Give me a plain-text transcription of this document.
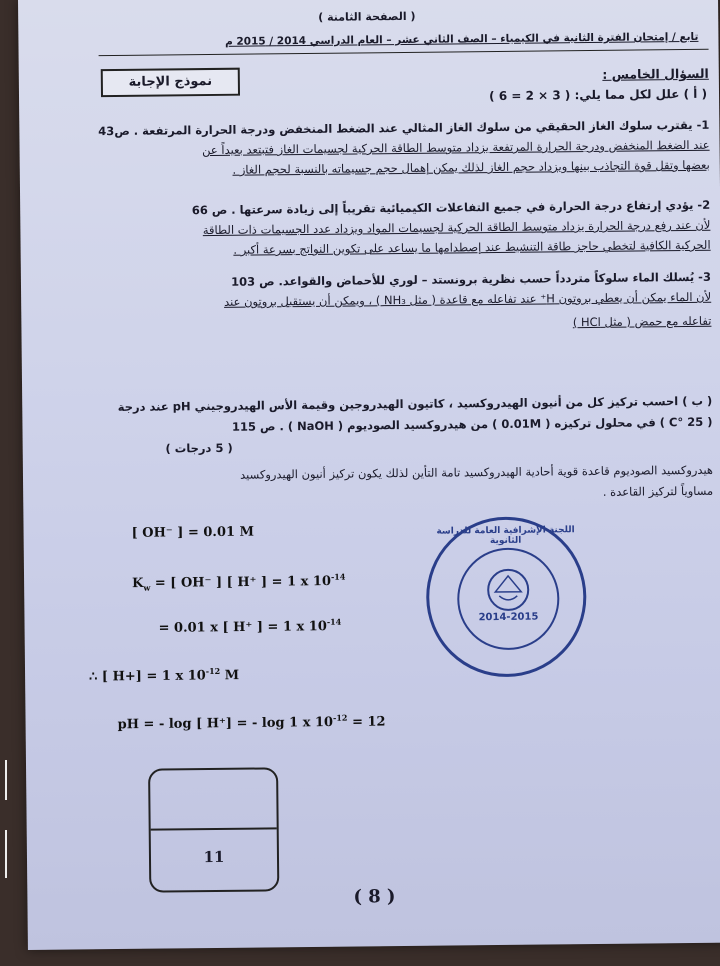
( الصفحة الثامنة )
تابع / إمتحان الفترة الثانية في الكيمياء – الصف الثاني عشر – العام الدراسي 2014 / 2015 م
نموذج الإجابة
السؤال الخامس :
( أ ) علل لكل مما يلي: ( 3 × 2 = 6 )
1- يقترب سلوك الغاز الحقيقي من سلوك الغاز المثالي عند الضغط المنخفض ودرجة الحرارة المرتفعة . ص43
عند الضغط المنخفض ودرجة الحرارة المرتفعة يزداد متوسط الطاقة الحركية لجسيمات الغاز فتبتعد بعيداً عن
بعضها وتقل قوة التجاذب بينها ويزداد حجم الغاز لذلك يمكن إهمال حجم جسيماته بالنسبة لحجم الغاز .
2- يؤدي إرتفاع درجة الحرارة في جميع التفاعلات الكيميائية تقريباً إلى زيادة سرعتها . ص 66
لأن عند رفع درجة الحرارة يزداد متوسط الطاقة الحركية لجسيمات المواد ويزداد عدد الجسيمات ذات الطاقة
الحركية الكافية لتخطي حاجز طاقة التنشيط عند إصطدامها ما يساعد على تكوين النواتج بسرعة أكبر .
3- يُسلك الماء سلوكاً متردداً حسب نظرية برونستد – لوري للأحماض والقواعد. ص 103
لأن الماء يمكن أن يعطي بروتون H⁺ عند تفاعله مع قاعدة ( مثل NH₃ ) ، ويمكن أن يستقبل بروتون عند
تفاعله مع حمض ( مثل HCl )
( ب ) احسب تركيز كل من أنيون الهيدروكسيد ، كاتيون الهيدروجين وقيمة الأس الهيدروجيني pH عند درجة
( 25 °C ) في محلول تركيزه ( 0.01M ) من هيدروكسيد الصوديوم ( NaOH ) . ص 115
( 5 درجات )
هيدروكسيد الصوديوم قاعدة قوية أحادية الهيدروكسيد تامة التأين لذلك يكون تركيز أنيون الهيدروكسيد
مساوياً لتركيز القاعدة .
[ OH⁻ ] = 0.01 M
$K_w$ = [ OH⁻ ] [ H⁺ ] = 1 x $10^{-14}$
= 0.01 x [ H⁺ ] = 1 x $10^{-14}$
∴ [ H+] = 1 x $10^{-12}$ M
pH = - log [ H⁺] = - log 1 x $10^{-12} = 12$
اللجنة الإشرافية العامة للدراسة الثانوية
2014-2015
11
( 8 )
